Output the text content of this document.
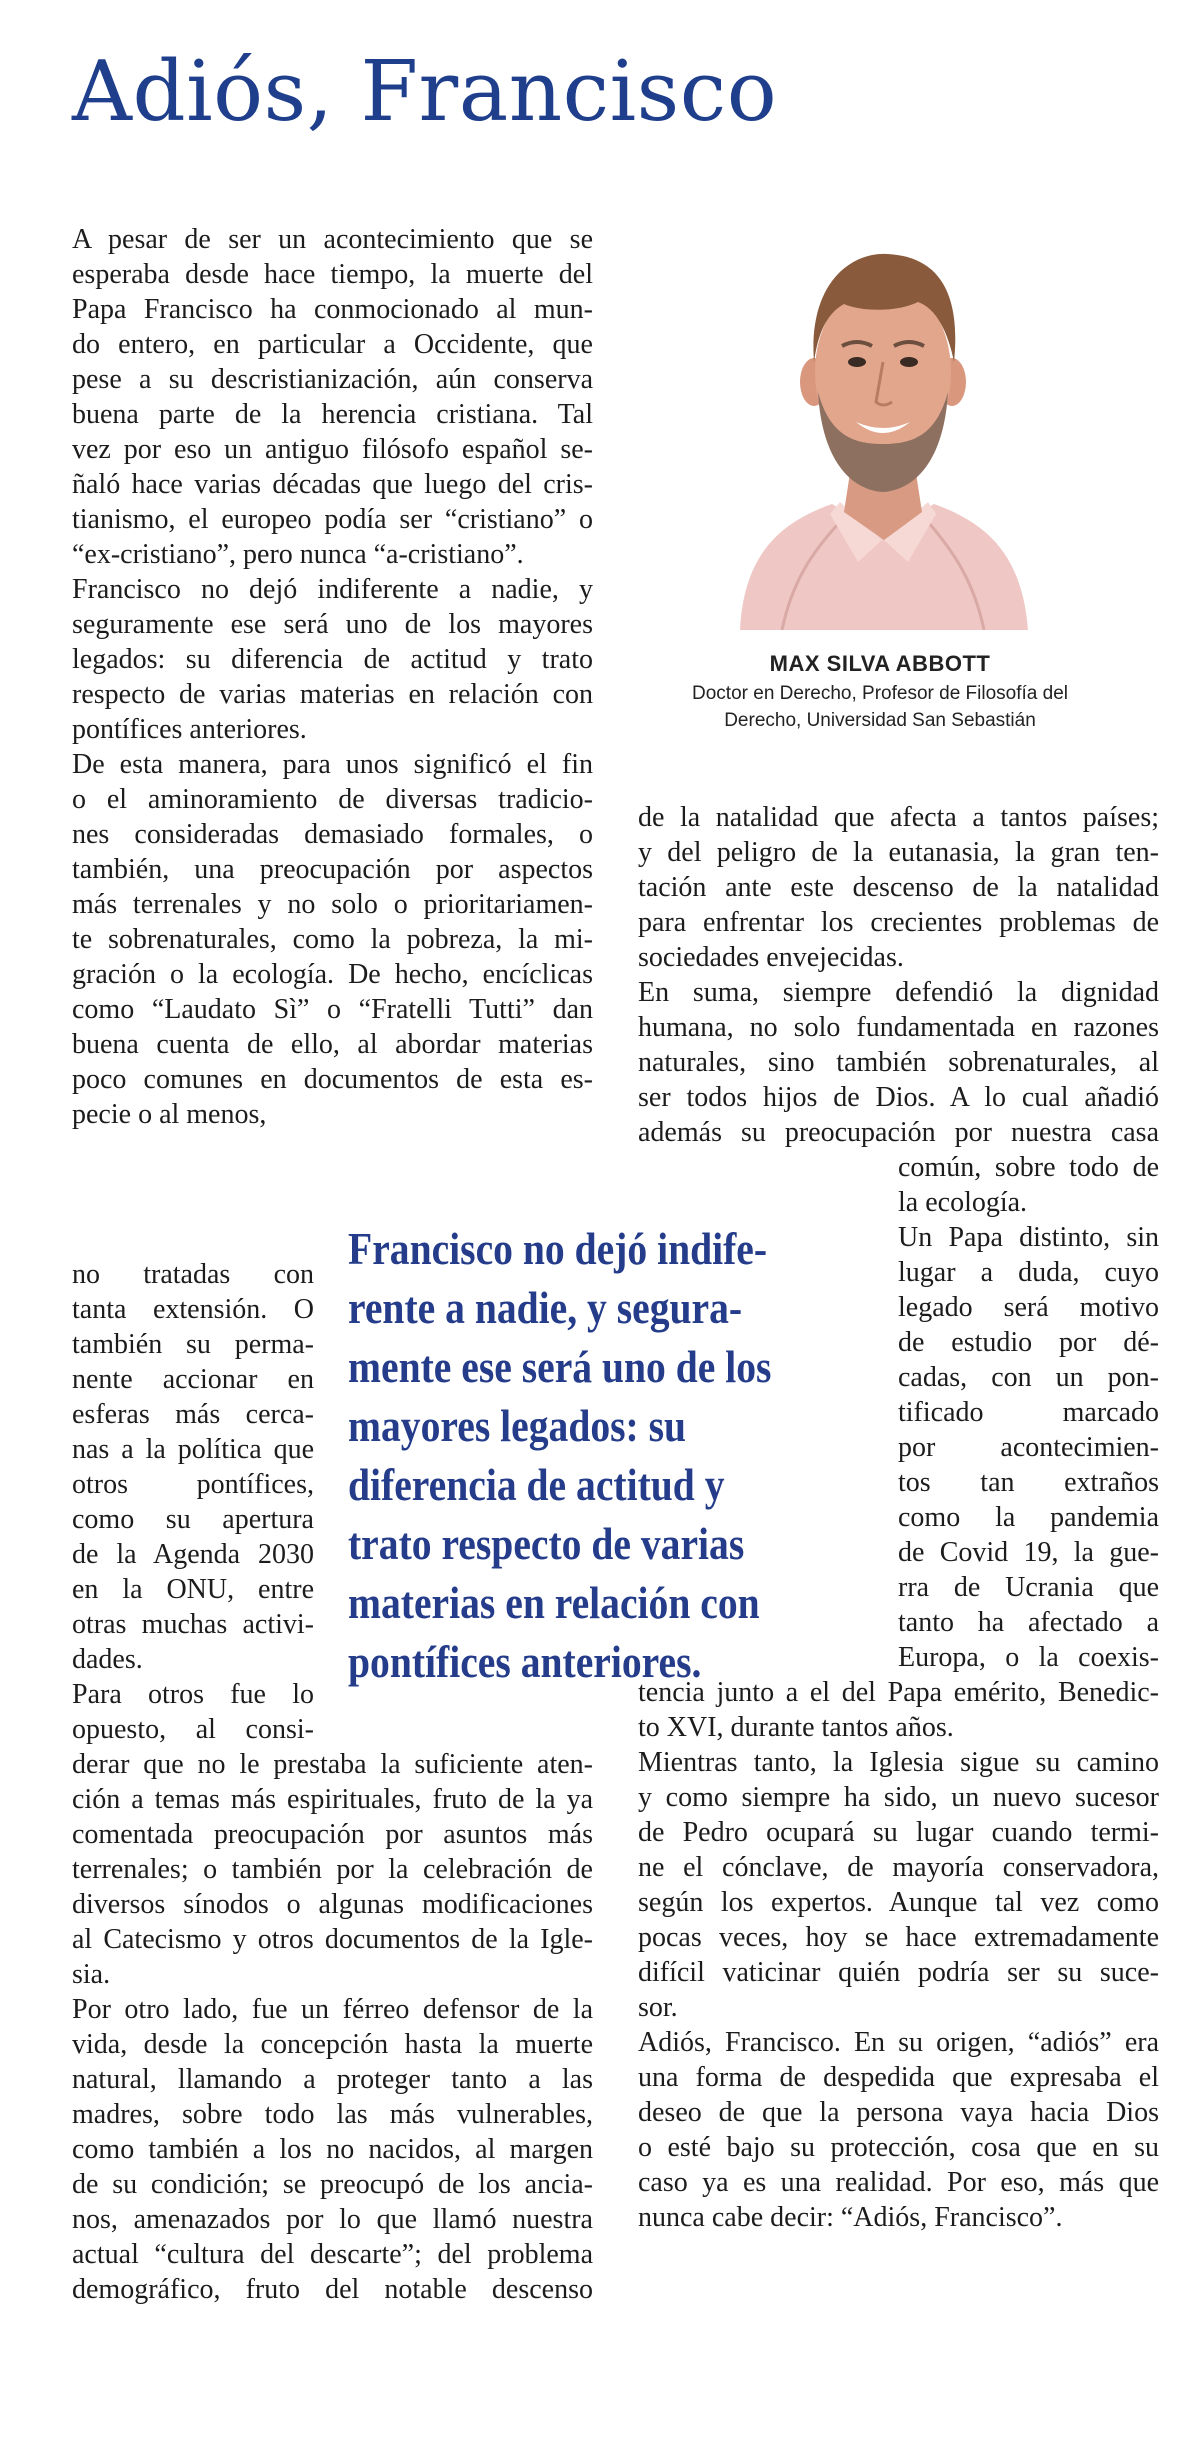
Adiós, Francisco
MAX SILVA ABBOTT
Doctor en Derecho, Profesor de Filosofía del
Derecho, Universidad San Sebastián
A pesar de ser un acontecimiento que se
esperaba desde hace tiempo, la muerte del
Papa Francisco ha conmocionado al mun-
do entero, en particular a Occidente, que
pese a su descristianización, aún conserva
buena parte de la herencia cristiana. Tal
vez por eso un antiguo filósofo español se-
ñaló hace varias décadas que luego del cris-
tianismo, el europeo podía ser “cristiano” o
“ex-cristiano”, pero nunca “a-cristiano”.
Francisco no dejó indiferente a nadie, y
seguramente ese será uno de los mayores
legados: su diferencia de actitud y trato
respecto de varias materias en relación con
pontífices anteriores.
De esta manera, para unos significó el fin
o el aminoramiento de diversas tradicio-
nes consideradas demasiado formales, o
también, una preocupación por aspectos
más terrenales y no solo o prioritariamen-
te sobrenaturales, como la pobreza, la mi-
gración o la ecología. De hecho, encíclicas
como “Laudato Sì” o “Fratelli Tutti” dan
buena cuenta de ello, al abordar materias
poco comunes en documentos de esta es-
pecie o al menos,
no tratadas con
tanta extensión. O
también su perma-
nente accionar en
esferas más cerca-
nas a la política que
otros pontífices,
como su apertura
de la Agenda 2030
en la ONU, entre
otras muchas activi-
dades.
Para otros fue lo
opuesto, al consi-
derar que no le prestaba la suficiente aten-
ción a temas más espirituales, fruto de la ya
comentada preocupación por asuntos más
terrenales; o también por la celebración de
diversos sínodos o algunas modificaciones
al Catecismo y otros documentos de la Igle-
sia.
Por otro lado, fue un férreo defensor de la
vida, desde la concepción hasta la muerte
natural, llamando a proteger tanto a las
madres, sobre todo las más vulnerables,
como también a los no nacidos, al margen
de su condición; se preocupó de los ancia-
nos, amenazados por lo que llamó nuestra
actual “cultura del descarte”; del problema
demográfico, fruto del notable descenso
de la natalidad que afecta a tantos países;
y del peligro de la eutanasia, la gran ten-
tación ante este descenso de la natalidad
para enfrentar los crecientes problemas de
sociedades envejecidas.
En suma, siempre defendió la dignidad
humana, no solo fundamentada en razones
naturales, sino también sobrenaturales, al
ser todos hijos de Dios. A lo cual añadió
además su preocupación por nuestra casa
común, sobre todo de
la ecología.
Un Papa distinto, sin
lugar a duda, cuyo
legado será motivo
de estudio por dé-
cadas, con un pon-
tificado marcado
por acontecimien-
tos tan extraños
como la pandemia
de Covid 19, la gue-
rra de Ucrania que
tanto ha afectado a
Europa, o la coexis-
tencia junto a el del Papa emérito, Benedic-
to XVI, durante tantos años.
Mientras tanto, la Iglesia sigue su camino
y como siempre ha sido, un nuevo sucesor
de Pedro ocupará su lugar cuando termi-
ne el cónclave, de mayoría conservadora,
según los expertos. Aunque tal vez como
pocas veces, hoy se hace extremadamente
difícil vaticinar quién podría ser su suce-
sor.
Adiós, Francisco. En su origen, “adiós” era
una forma de despedida que expresaba el
deseo de que la persona vaya hacia Dios
o esté bajo su protección, cosa que en su
caso ya es una realidad. Por eso, más que
nunca cabe decir: “Adiós, Francisco”.
Francisco no dejó indife-
rente a nadie, y segura-
mente ese será uno de los
mayores legados: su
diferencia de actitud y
trato respecto de varias
materias en relación con
pontífices anteriores.
